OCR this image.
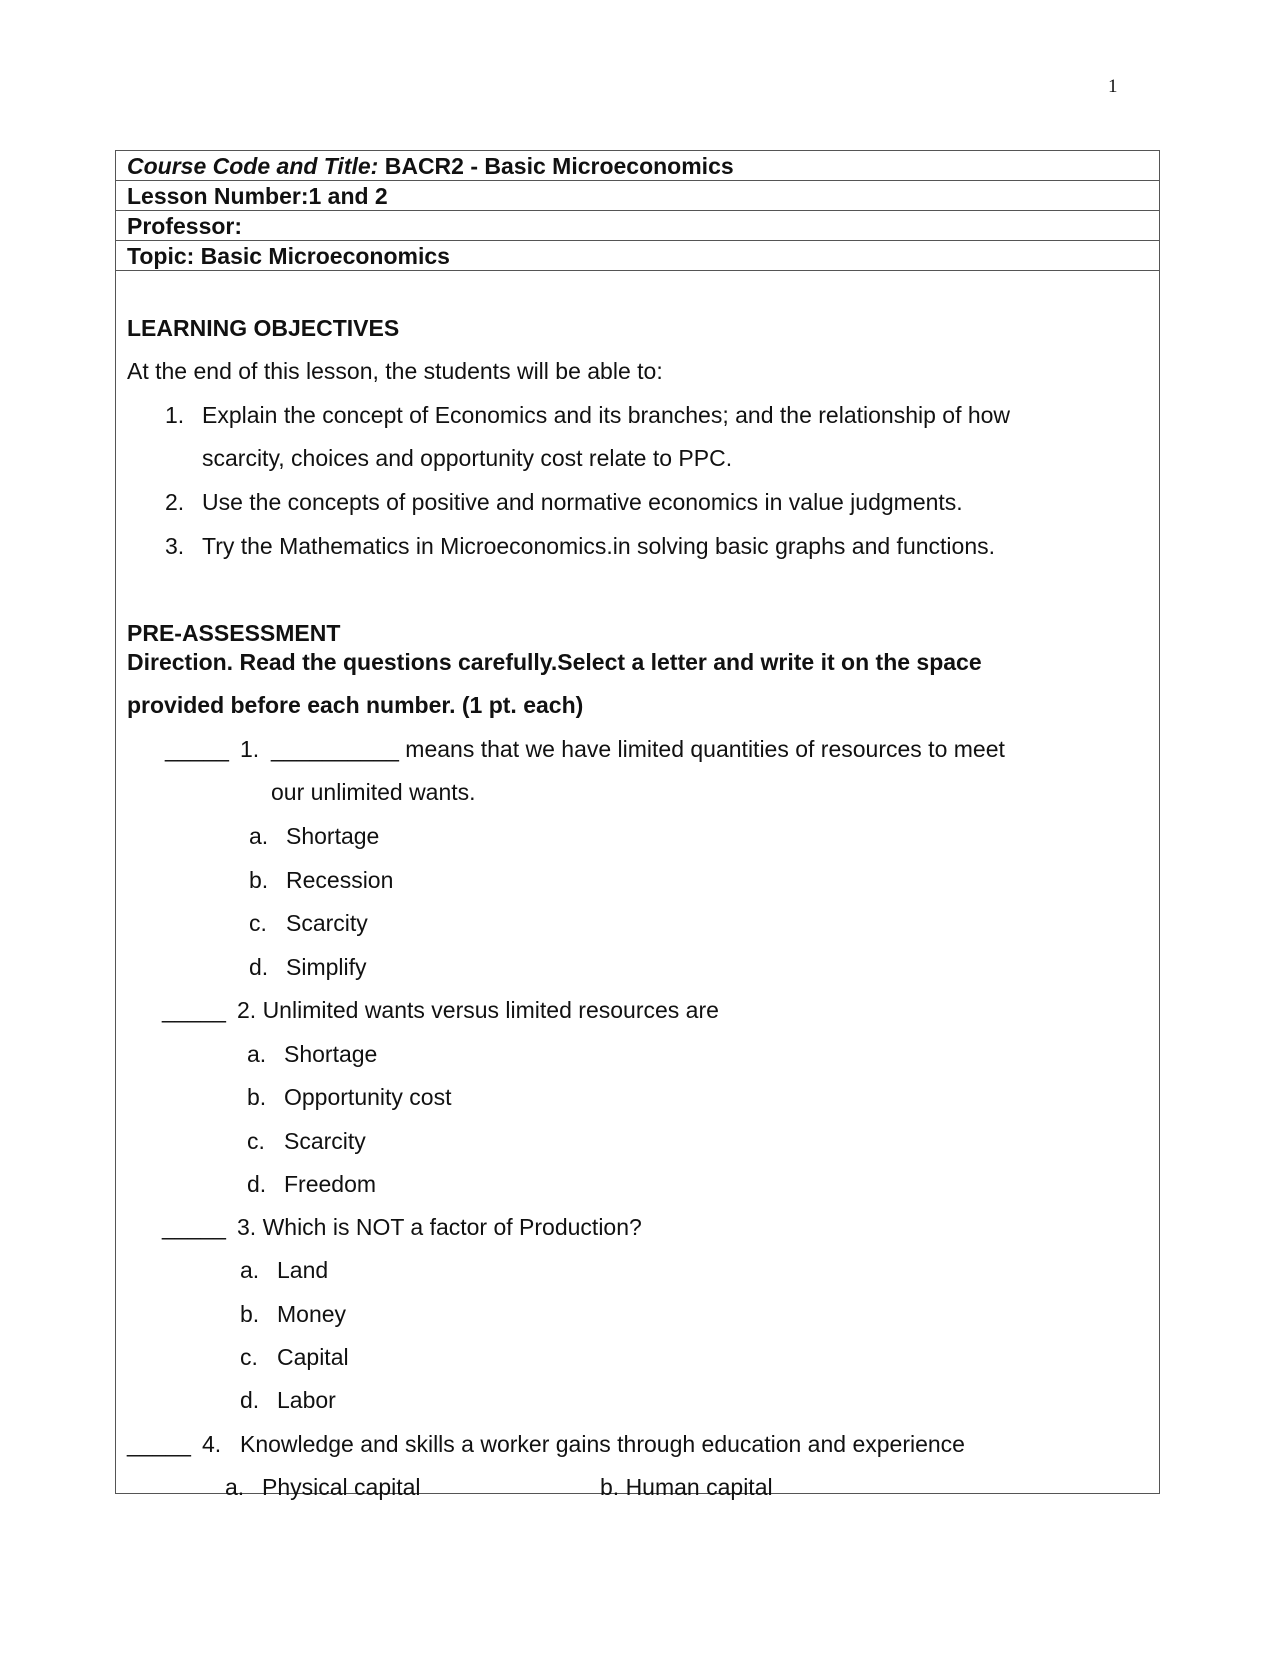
1
Course Code and Title: BACR2 - Basic Microeconomics
Lesson Number:1 and 2
Professor:
Topic: Basic Microeconomics
LEARNING OBJECTIVES
At the end of this lesson, the students will be able to:
1. Explain the concept of Economics and its branches; and the relationship of how
scarcity, choices and opportunity cost relate to PPC.
2. Use the concepts of positive and normative economics in value judgments.
3. Try the Mathematics in Microeconomics.in solving basic graphs and functions.
PRE-ASSESSMENT
Direction. Read the questions carefully.Select a letter and write it on the space
provided before each number. (1 pt. each)
_____ 1. __________ means that we have limited quantities of resources to meet
our unlimited wants.
a. Shortage
b. Recession
c. Scarcity
d. Simplify
_____ 2. Unlimited wants versus limited resources are
a. Shortage
b. Opportunity cost
c. Scarcity
d. Freedom
_____ 3. Which is NOT a factor of Production?
a. Land
b. Money
c. Capital
d. Labor
_____ 4. Knowledge and skills a worker gains through education and experience
a. Physical capital	b. Human capital
